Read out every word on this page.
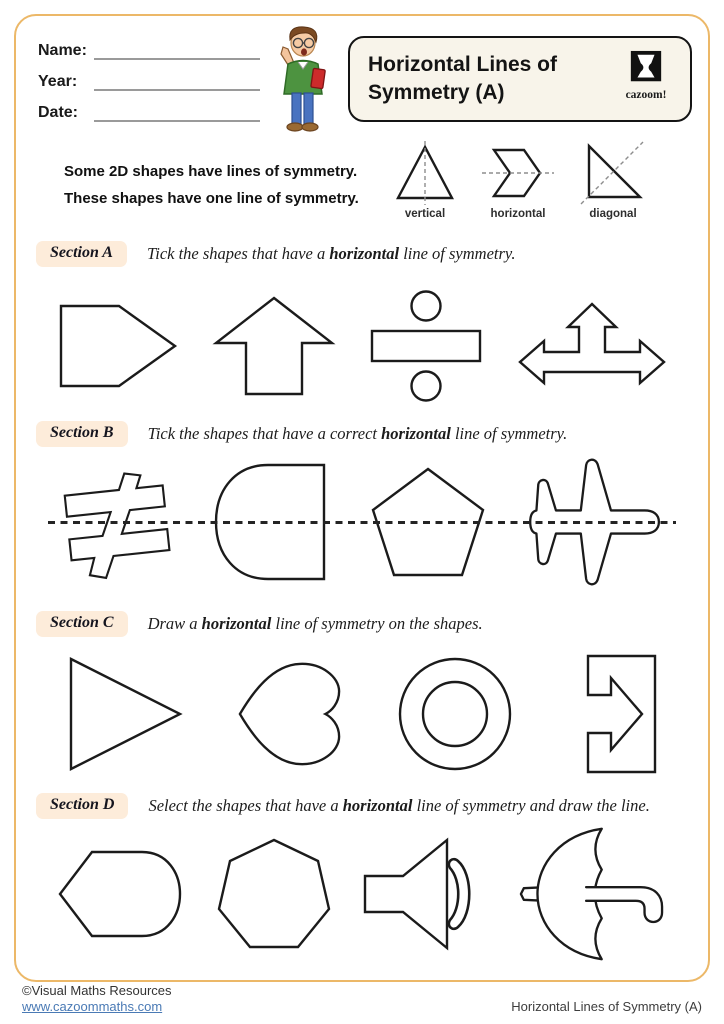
Name:
Year:
Date:
Horizontal Lines of
Symmetry (A)	cazoom!
Some 2D shapes have lines of symmetry.
These shapes have one line of symmetry.
vertical	horizontal	diagonal
Section A	Tick the shapes that have a horizontal line of symmetry.
Section B	Tick the shapes that have a correct horizontal line of symmetry.
Section C	Draw a horizontal line of symmetry on the shapes.
Section D	Select the shapes that have a horizontal line of symmetry and draw the line.
©Visual Maths Resources
www.cazoommaths.com	Horizontal Lines of Symmetry (A)
